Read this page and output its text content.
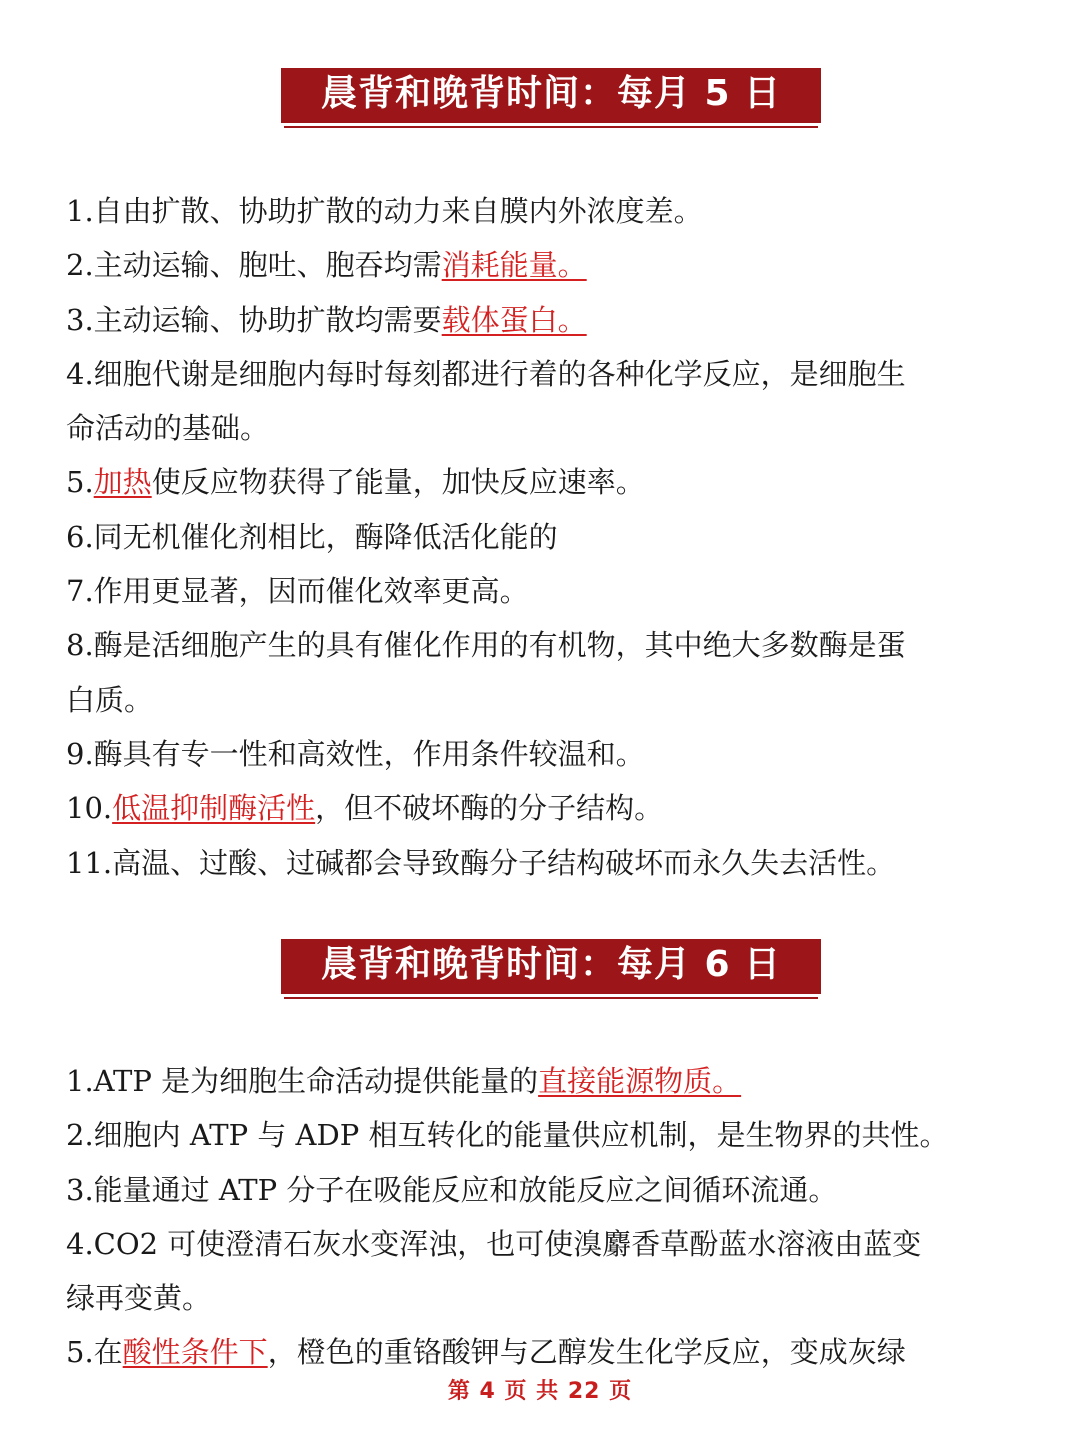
晨背和晚背时间：每月 5 日

1.自由扩散、协助扩散的动力来自膜内外浓度差。

2.主动运输、胞吐、胞吞均需消耗能量。

3.主动运输、协助扩散均需要载体蛋白。

4.细胞代谢是细胞内每时每刻都进行着的各种化学反应，是细胞生

命活动的基础。

5.加热使反应物获得了能量，加快反应速率。

6.同无机催化剂相比，酶降低活化能的

7.作用更显著，因而催化效率更高。

8.酶是活细胞产生的具有催化作用的有机物，其中绝大多数酶是蛋

白质。

9.酶具有专一性和高效性，作用条件较温和。

10.低温抑制酶活性，但不破坏酶的分子结构。

11.高温、过酸、过碱都会导致酶分子结构破坏而永久失去活性。

晨背和晚背时间：每月 6 日

1.ATP 是为细胞生命活动提供能量的直接能源物质。

2.细胞内 ATP 与 ADP 相互转化的能量供应机制，是生物界的共性。

3.能量通过 ATP 分子在吸能反应和放能反应之间循环流通。

4.CO2 可使澄清石灰水变浑浊，也可使溴麝香草酚蓝水溶液由蓝变

绿再变黄。

5.在酸性条件下，橙色的重铬酸钾与乙醇发生化学反应，变成灰绿

第 4 页 共 22 页
